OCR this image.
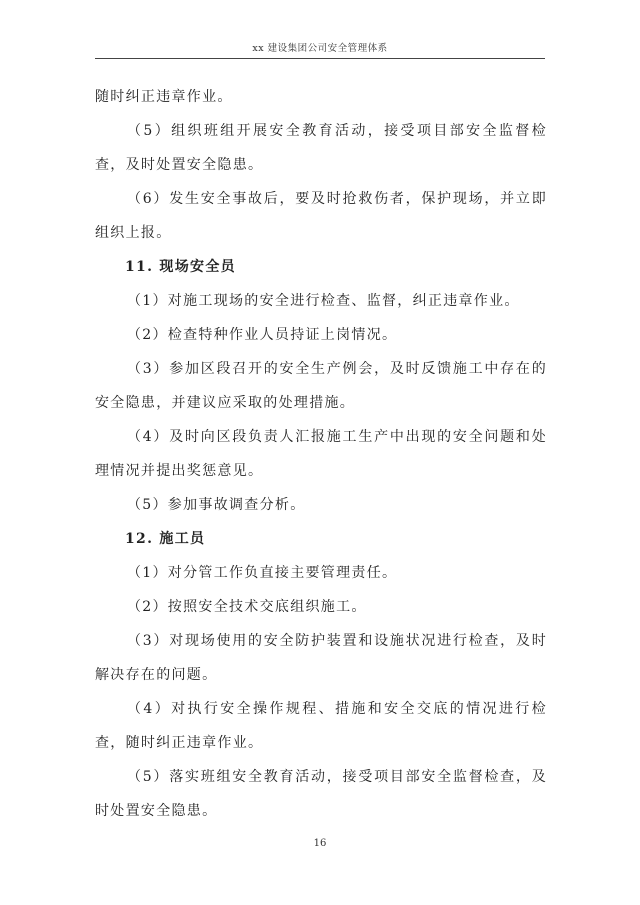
xx 建设集团公司安全管理体系

随时纠正违章作业。

（5）组织班组开展安全教育活动，接受项目部安全监督检查，及时处置安全隐患。

（6）发生安全事故后，要及时抢救伤者，保护现场，并立即组织上报。

11. 现场安全员

（1）对施工现场的安全进行检查、监督，纠正违章作业。

（2）检查特种作业人员持证上岗情况。

（3）参加区段召开的安全生产例会，及时反馈施工中存在的安全隐患，并建议应采取的处理措施。

（4）及时向区段负责人汇报施工生产中出现的安全问题和处理情况并提出奖惩意见。

（5）参加事故调查分析。

12. 施工员

（1）对分管工作负直接主要管理责任。

（2）按照安全技术交底组织施工。

（3）对现场使用的安全防护装置和设施状况进行检查，及时解决存在的问题。

（4）对执行安全操作规程、措施和安全交底的情况进行检查，随时纠正违章作业。

（5）落实班组安全教育活动，接受项目部安全监督检查，及时处置安全隐患。

16
